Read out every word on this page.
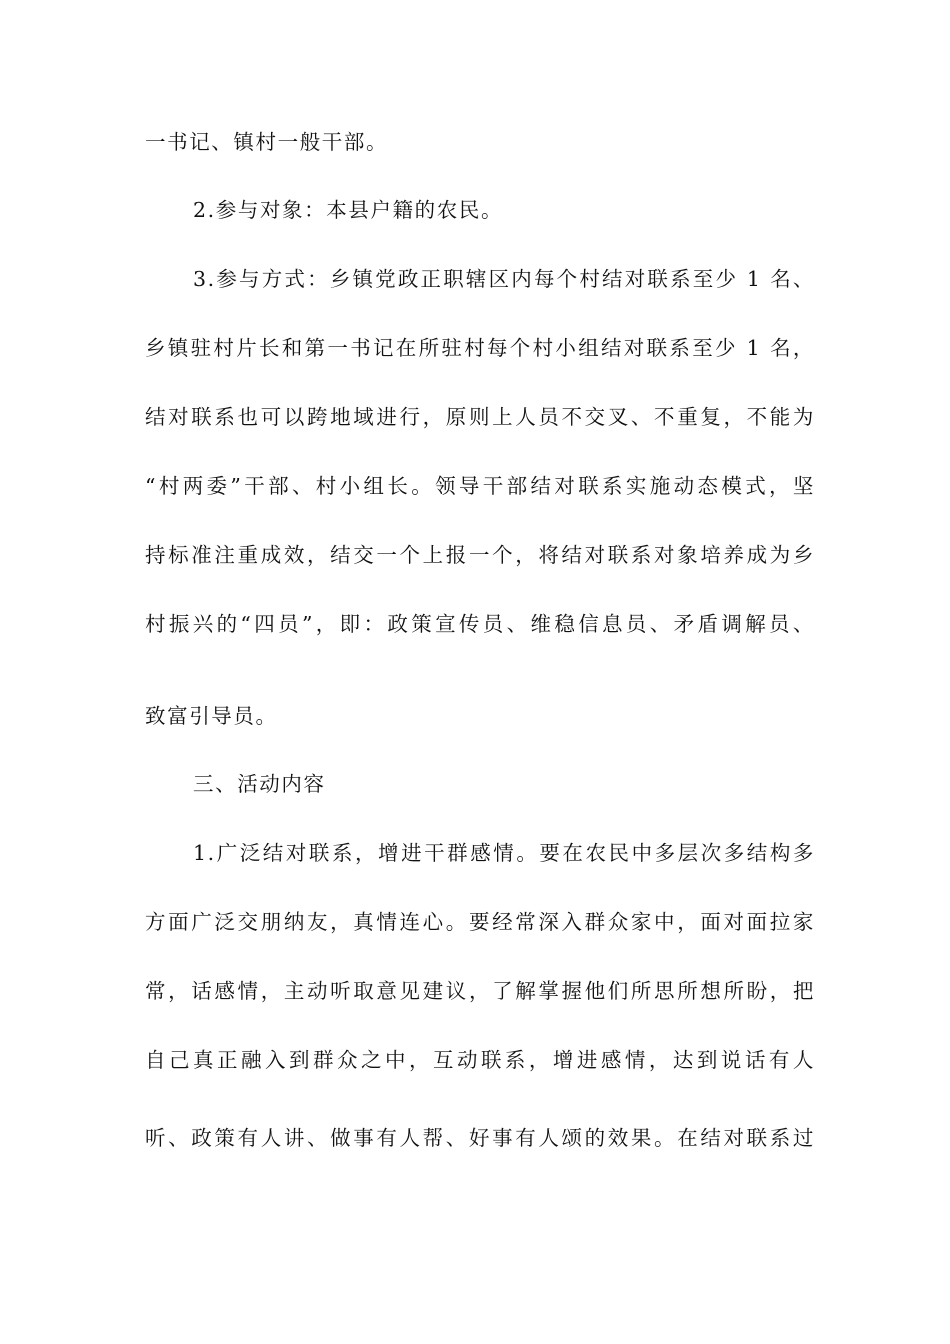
一书记、镇村一般干部。
2.参与对象：本县户籍的农民。
3.参与方式：乡镇党政正职辖区内每个村结对联系至少 1 名、
乡镇驻村片长和第一书记在所驻村每个村小组结对联系至少 1 名，
结对联系也可以跨地域进行，原则上人员不交叉、不重复，不能为
“村两委”干部、村小组长。领导干部结对联系实施动态模式，坚
持标准注重成效，结交一个上报一个，将结对联系对象培养成为乡
村振兴的“四员”，即：政策宣传员、维稳信息员、矛盾调解员、
致富引导员。
三、活动内容
1.广泛结对联系，增进干群感情。要在农民中多层次多结构多
方面广泛交朋纳友，真情连心。要经常深入群众家中，面对面拉家
常，话感情，主动听取意见建议，了解掌握他们所思所想所盼，把
自己真正融入到群众之中，互动联系，增进感情，达到说话有人
听、政策有人讲、做事有人帮、好事有人颂的效果。在结对联系过
